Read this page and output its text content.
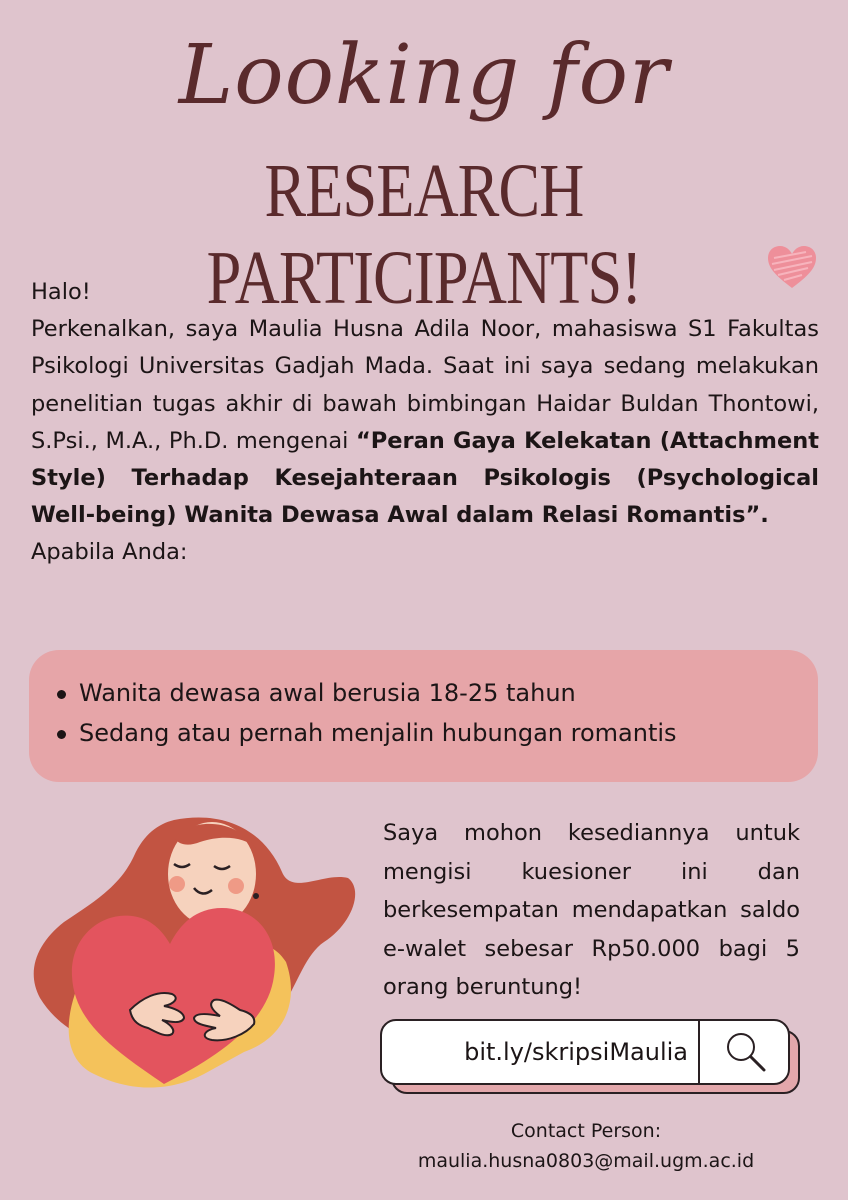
Looking for
RESEARCH PARTICIPANTS!

Halo!

Perkenalkan, saya Maulia Husna Adila Noor, mahasiswa S1 Fakultas Psikologi Universitas Gadjah Mada. Saat ini saya sedang melakukan penelitian tugas akhir di bawah bimbingan Haidar Buldan Thontowi, S.Psi., M.A., Ph.D. mengenai “Peran Gaya Kelekatan (Attachment Style) Terhadap Kesejahteraan Psikologis (Psychological Well-being) Wanita Dewasa Awal dalam Relasi Romantis”.

Apabila Anda:

Wanita dewasa awal berusia 18-25 tahun
Sedang atau pernah menjalin hubungan romantis
Saya mohon kesediannya untuk mengisi kuesioner ini dan berkesempatan mendapatkan saldo e-walet sebesar Rp50.000 bagi 5 orang beruntung!
bit.ly/skripsiMaulia
Contact Person:
maulia.husna0803@mail.ugm.ac.id
